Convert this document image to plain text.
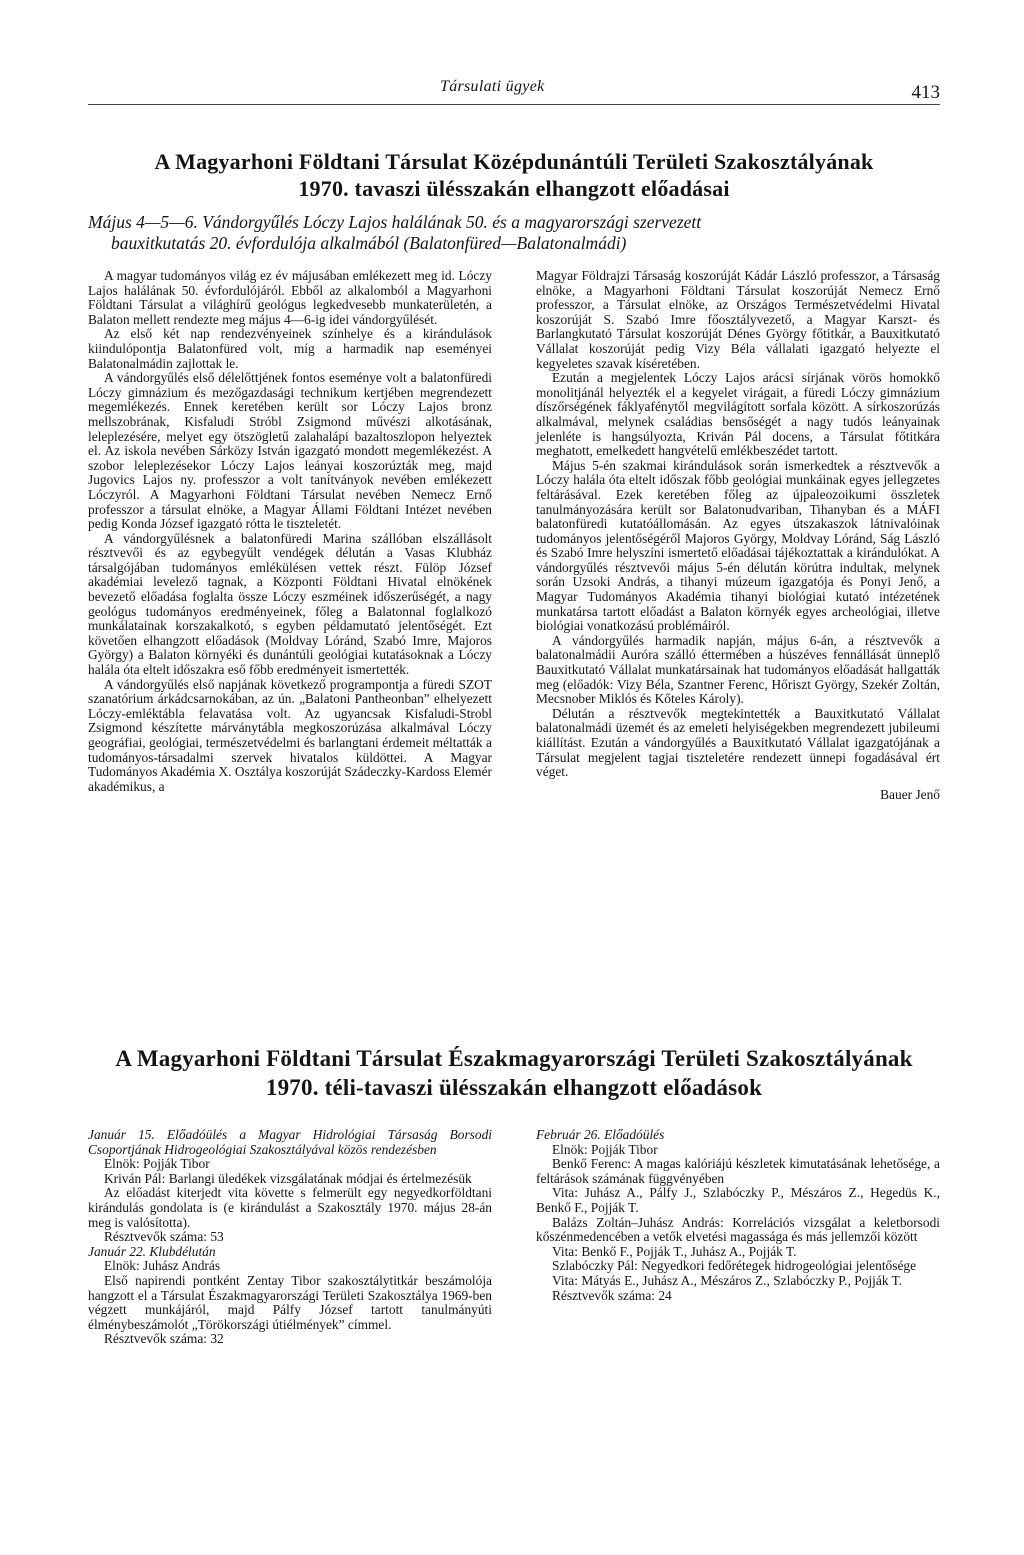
Társulati ügyek	413
A Magyarhoni Földtani Társulat Középdunántúli Területi Szakosztályának
1970. tavaszi ülésszakán elhangzott előadásai
Május 4—5—6. Vándorgyűlés Lóczy Lajos halálának 50. és a magyarországi szervezett
bauxitkutatás 20. évfordulója alkalmából (Balatonfüred—Balatonalmádi)

A magyar tudományos világ ez év májusában emlékezett meg id. Lóczy Lajos halálának 50. évfordulójáról. Ebből az alkalomból a Magyarhoni Földtani Társulat a világhírű geológus legkedvesebb munkaterületén, a Balaton mellett rendezte meg május 4—6-ig idei vándorgyűlését.

Az első két nap rendezvényeinek színhelye és a kirándulások kiindulópontja Balatonfüred volt, míg a harmadik nap eseményei Balatonalmádin zajlottak le.

A vándorgyűlés első délelőttjének fontos eseménye volt a balatonfüredi Lóczy gimnázium és mezőgazdasági technikum kertjében megrendezett megemlékezés. Ennek keretében került sor Lóczy Lajos bronz mellszobrának, Kisfaludi Stróbl Zsigmond művészi alkotásának, leleplezésére, melyet egy ötszögletű zalahalápi bazaltoszlopon helyeztek el. Az iskola nevében Sárközy István igazgató mondott megemlékezést. A szobor leleplezésekor Lóczy Lajos leányai koszorúzták meg, majd Jugovics Lajos ny. professzor a volt tanítványok nevében emlékezett Lóczyról. A Magyarhoni Földtani Társulat nevében Nemecz Ernő professzor a társulat elnöke, a Magyar Állami Földtani Intézet nevében pedig Konda József igazgató rótta le tiszteletét.

A vándorgyűlésnek a balatonfüredi Marina szállóban elszállásolt résztvevői és az egybegyűlt vendégek délután a Vasas Klubház társalgójában tudományos emlékülésen vettek részt. Fülöp József akadémiai levelező tagnak, a Központi Földtani Hivatal elnökének bevezető előadása foglalta össze Lóczy eszméinek időszerűségét, a nagy geológus tudományos eredményeinek, főleg a Balatonnal foglalkozó munkálatainak korszakalkotó, s egyben példamutató jelentőségét. Ezt követően elhangzott előadások (Moldvay Lóránd, Szabó Imre, Majoros György) a Balaton környéki és dunántúli geológiai kutatásoknak a Lóczy halála óta eltelt időszakra eső főbb eredményeit ismertették.

A vándorgyűlés első napjának következő programpontja a füredi SZOT szanatórium árkádcsarnokában, az ún. „Balatoni Pantheonban” elhelyezett Lóczy-emléktábla felavatása volt. Az ugyancsak Kisfaludi-Strobl Zsigmond készítette márványtábla megkoszorúzása alkalmával Lóczy geográfiai, geológiai, természetvédelmi és barlangtani érdemeit méltatták a tudományos-társadalmi szervek hivatalos küldöttei. A Magyar Tudományos Akadémia X. Osztálya koszorúját Szádeczky-Kardoss Elemér akadémikus, a

Magyar Földrajzi Társaság koszorúját Kádár László professzor, a Társaság elnöke, a Magyarhoni Földtani Társulat koszorúját Nemecz Ernő professzor, a Társulat elnöke, az Országos Természetvédelmi Hivatal koszorúját S. Szabó Imre főosztályvezető, a Magyar Karszt- és Barlangkutató Társulat koszorúját Dénes György főtitkár, a Bauxitkutató Vállalat koszorúját pedig Vizy Béla vállalati igazgató helyezte el kegyeletes szavak kíséretében.

Ezután a megjelentek Lóczy Lajos arácsi sírjának vörös homokkő monolitjánál helyezték el a kegyelet virágait, a füredi Lóczy gimnázium díszőrségének fáklyafénytől megvilágított sorfala között. A sírkoszorúzás alkalmával, melynek családias bensőségét a nagy tudós leányainak jelenléte is hangsúlyozta, Kriván Pál docens, a Társulat főtitkára meghatott, emelkedett hangvételű emlékbeszédet tartott.

Május 5-én szakmai kirándulások során ismerkedtek a résztvevők a Lóczy halála óta eltelt időszak főbb geológiai munkáinak egyes jellegzetes feltárásával. Ezek keretében főleg az újpaleozoikumi összletek tanulmányozására került sor Balatonudvariban, Tihanyban és a MÁFI balatonfüredi kutatóállomásán. Az egyes útszakaszok látnivalóinak tudományos jelentőségéről Majoros György, Moldvay Lóránd, Ság László és Szabó Imre helyszíni ismertető előadásai tájékoztattak a kirándulókat. A vándorgyűlés résztvevői május 5-én délután körútra indultak, melynek során Uzsoki András, a tihanyi múzeum igazgatója és Ponyi Jenő, a Magyar Tudományos Akadémia tihanyi biológiai kutató intézetének munkatársa tartott előadást a Balaton környék egyes archeológiai, illetve biológiai vonatkozású problémáiról.

A vándorgyűlés harmadik napján, május 6-án, a résztvevők a balatonalmádii Auróra szálló éttermében a húszéves fennállását ünneplő Bauxitkutató Vállalat munkatársainak hat tudományos előadását hallgatták meg (előadók: Vizy Béla, Szantner Ferenc, Hőriszt György, Szekér Zoltán, Mecsnober Miklós és Kőteles Károly).

Délután a résztvevők megtekintették a Bauxitkutató Vállalat balatonalmádi üzemét és az emeleti helyiségekben megrendezett jubileumi kiállítást. Ezután a vándorgyűlés a Bauxitkutató Vállalat igazgatójának a Társulat megjelent tagjai tiszteletére rendezett ünnepi fogadásával ért véget.

Bauer Jenő

A Magyarhoni Földtani Társulat Északmagyarországi Területi Szakosztályának
1970. téli-tavaszi ülésszakán elhangzott előadások

Január 15. Előadóülés a Magyar Hidrológiai Társaság Borsodi Csoportjának Hidrogeológiai Szakosztályával közös rendezésben

Elnök: Pojják Tibor

Kriván Pál: Barlangi üledékek vizsgálatának módjai és értelmezésük

Az előadást kiterjedt vita követte s felmerült egy negyedkorföldtani kirándulás gondolata is (e kirándulást a Szakosztály 1970. május 28-án meg is valósította).

Résztvevők száma: 53

Január 22. Klubdélután

Elnök: Juhász András

Első napirendi pontként Zentay Tibor szakosztálytitkár beszámolója hangzott el a Társulat Északmagyarországi Területi Szakosztálya 1969-ben végzett munkájáról, majd Pálfy József tartott tanulmányúti élménybeszámolót „Törökországi útiélmények” címmel.

Résztvevők száma: 32

Február 26. Előadóülés

Elnök: Pojják Tibor

Benkő Ferenc: A magas kalóriájú készletek kimutatásának lehetősége, a feltárások számának függvényében

Vita: Juhász A., Pálfy J., Szlabóczky P., Mészáros Z., Hegedüs K., Benkő F., Pojják T.

Balázs Zoltán–Juhász András: Korrelációs vizsgálat a keletborsodi kőszénmedencében a vetők elvetési magassága és más jellemzői között

Vita: Benkő F., Pojják T., Juhász A., Pojják T.

Szlabóczky Pál: Negyedkori fedőrétegek hidrogeológiai jelentősége

Vita: Mátyás E., Juhász A., Mészáros Z., Szlabóczky P., Pojják T.

Résztvevők száma: 24
